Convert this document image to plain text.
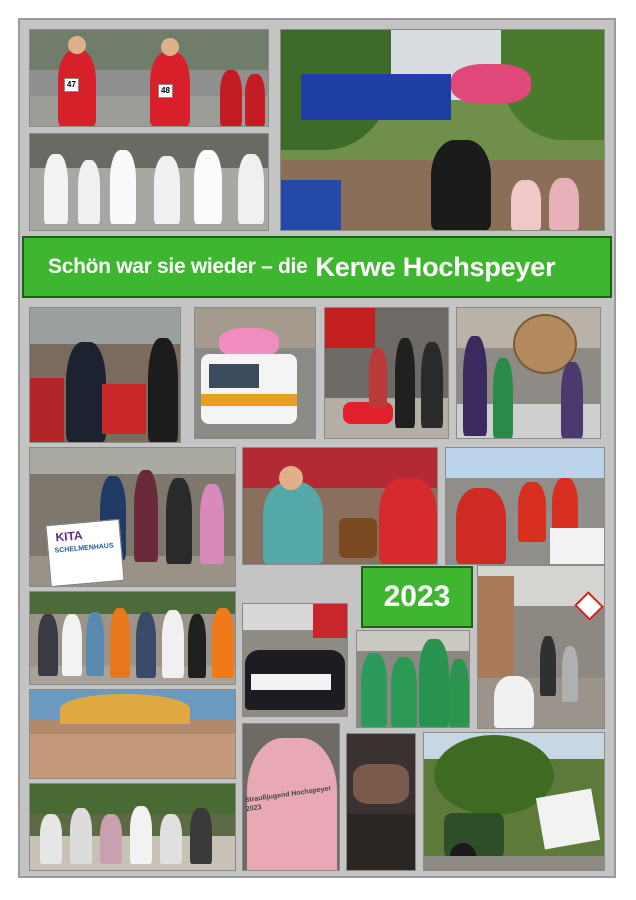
47
48
Schön war sie wieder – die Kerwe Hochspeyer
KITA
SCHELMENHAUS
2023
Straußjugend Hochspeyer 2023
